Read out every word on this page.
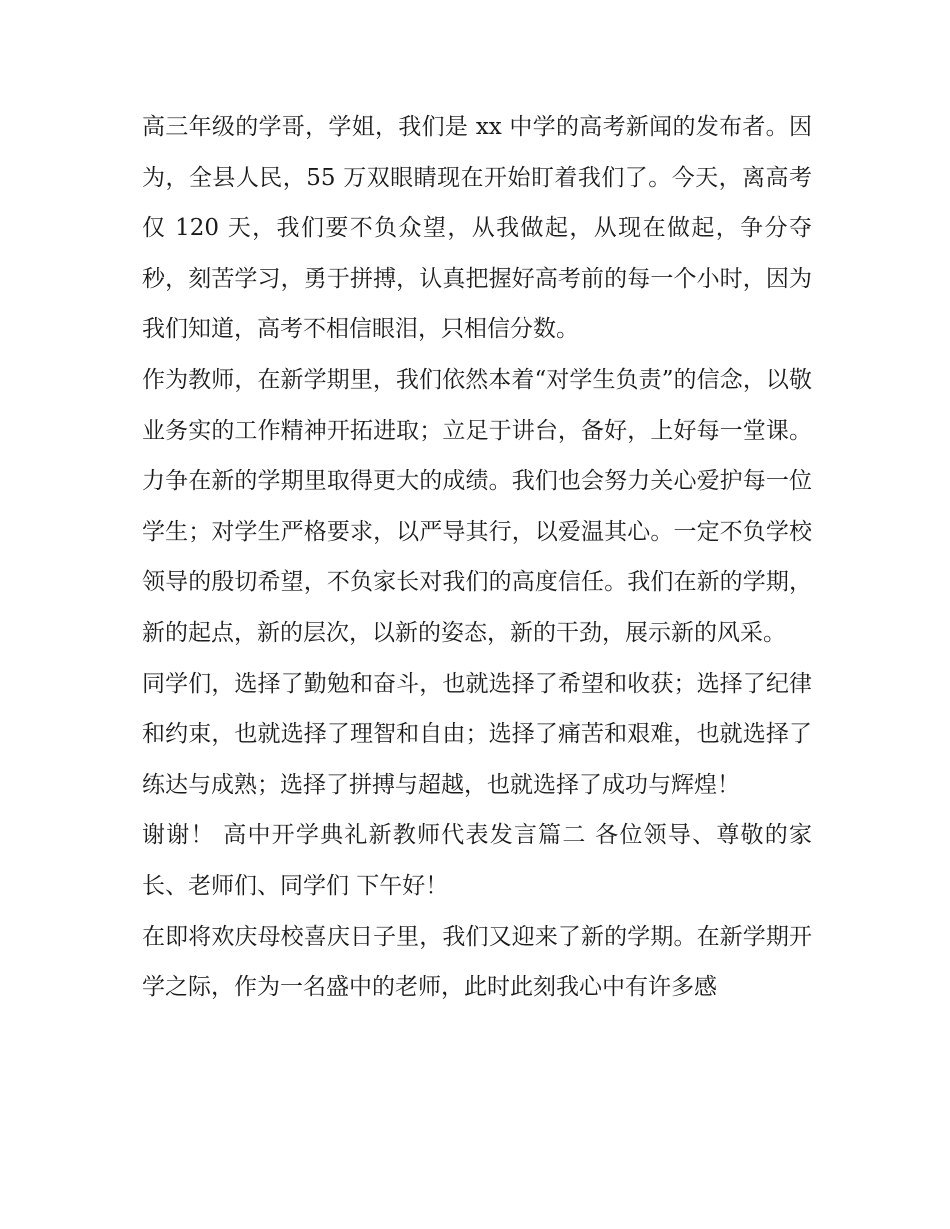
高三年级的学哥，学姐，我们是 xx 中学的高考新闻的发布者。因为，全县人民，55 万双眼睛现在开始盯着我们了。今天，离高考仅 120 天，我们要不负众望，从我做起，从现在做起，争分夺秒，刻苦学习，勇于拼搏，认真把握好高考前的每一个小时，因为我们知道，高考不相信眼泪，只相信分数。

作为教师，在新学期里，我们依然本着“对学生负责”的信念，以敬业务实的工作精神开拓进取；立足于讲台，备好，上好每一堂课。力争在新的学期里取得更大的成绩。我们也会努力关心爱护每一位学生；对学生严格要求，以严导其行，以爱温其心。一定不负学校领导的殷切希望，不负家长对我们的高度信任。我们在新的学期，新的起点，新的层次，以新的姿态，新的干劲，展示新的风采。

同学们，选择了勤勉和奋斗，也就选择了希望和收获；选择了纪律和约束，也就选择了理智和自由；选择了痛苦和艰难，也就选择了练达与成熟；选择了拼搏与超越，也就选择了成功与辉煌！

谢谢！ 高中开学典礼新教师代表发言篇二 各位领导、尊敬的家长、老师们、同学们 下午好！

在即将欢庆母校喜庆日子里，我们又迎来了新的学期。在新学期开学之际，作为一名盛中的老师，此时此刻我心中有许多感
